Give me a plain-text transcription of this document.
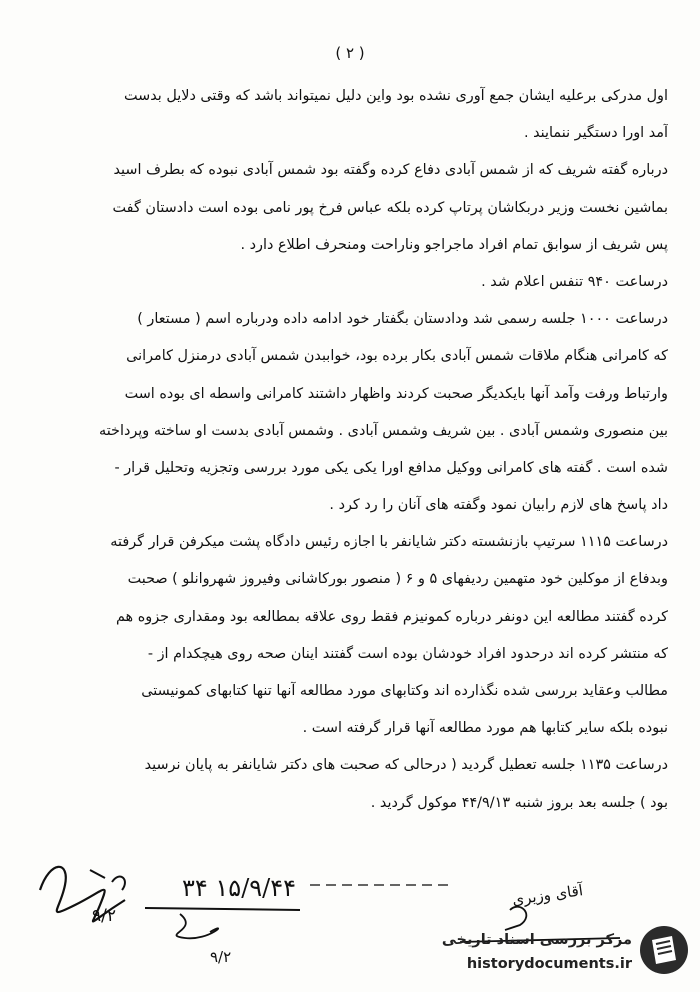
( ۲ )
اول مدرکی برعلیه ایشان جمع آوری نشده بود واین دلیل نمیتواند باشد که وقتی دلایل بدست
آمد اورا دستگیر ننمایند .
درباره گفته شریف که از شمس آبادی دفاع کرده وگفته بود شمس آبادی نبوده که بطرف اسید
بماشین نخست وزیر دربکاشان پرتاپ کرده بلکه عباس فرخ پور نامی بوده است دادستان گفت
پس شریف از سوابق تمام افراد ماجراجو وناراحت ومنحرف اطلاع دارد .
درساعت ۹۴۰ تنفس اعلام شد .
درساعت ۱۰۰۰ جلسه رسمی شد ودادستان بگفتار خود ادامه داده ودرباره اسم ( مستعار )
که کامرانی هنگام ملاقات شمس آبادی بکار برده بود، خواببدن شمس آبادی درمنزل کامرانی
وارتباط ورفت وآمد آنها بایکدیگر صحبت کردند واظهار داشتند کامرانی واسطه ای بوده است
بین منصوری وشمس آبادی . بین شریف وشمس آبادی . وشمس آبادی بدست او ساخته وپرداخته
شده است . گفته های کامرانی ووکیل مدافع اورا یکی یکی مورد بررسی وتجزیه وتحلیل قرار -
داد پاسخ های لازم رابیان نمود وگفته های آنان را رد کرد .
درساعت ۱۱۱۵ سرتیپ بازنشسته دکتر شایانفر با اجازه رئیس دادگاه پشت میکرفن قرار گرفته
وبدفاع از موکلین خود متهمین ردیفهای ۵ و ۶ ( منصور بورکاشانی وفیروز شهروانلو ) صحبت
کرده گفتند مطالعه این دونفر درباره کمونیزم فقط روی علاقه بمطالعه بود ومقداری جزوه هم
که منتشر کرده اند درحدود افراد خودشان بوده است گفتند اینان صحه روی هیچکدام از -
مطالب وعقاید بررسی شده نگذارده اند وکتابهای مورد مطالعه آنها تنها کتابهای کمونیستی
نبوده بلکه سایر کتابها هم مورد مطالعه آنها قرار گرفته است .
درساعت ۱۱۳۵ جلسه تعطیل گردید ( درحالی که صحبت های دکتر شایانفر به پایان نرسید
بود ) جلسه بعد بروز شنبه ۴۴/۹/۱۳ موکول گردید .
۹/۲
۳۴ ۱۵/۹/۴۴
۹/۲
آقای وزیری
مرکز بررسی اسناد تاریخی
historydocuments.ir
